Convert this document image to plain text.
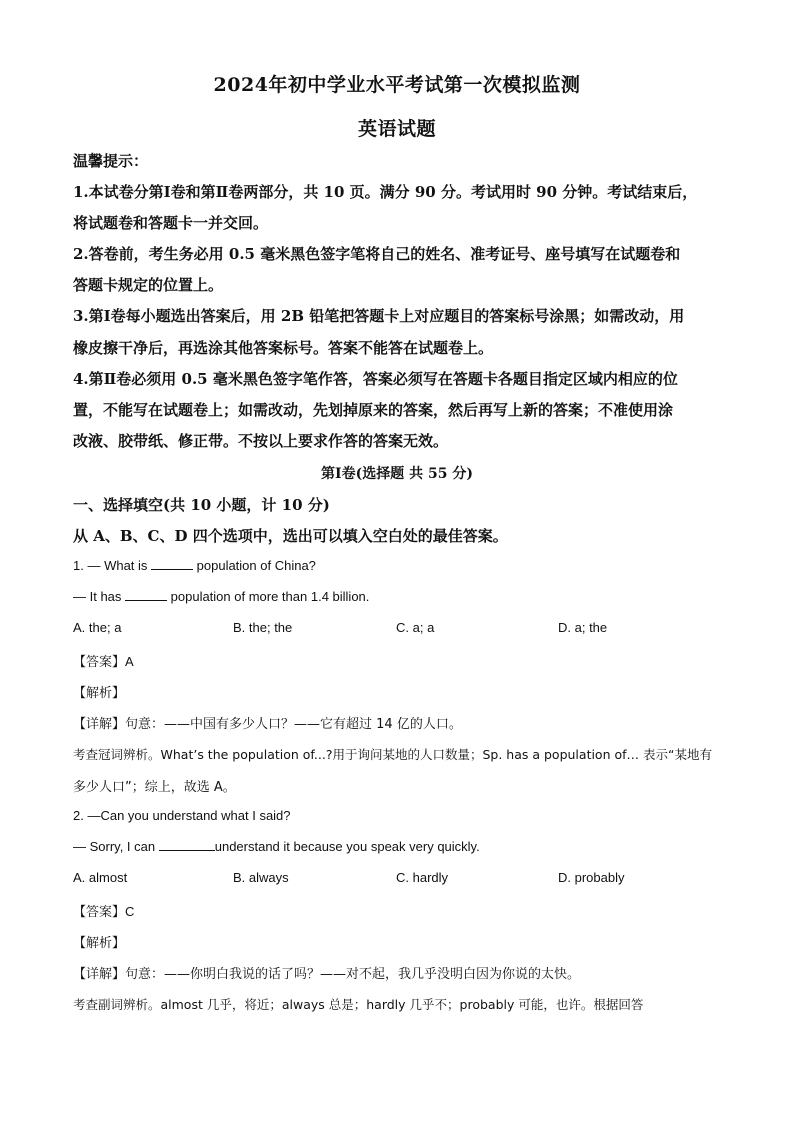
2024年初中学业水平考试第一次模拟监测
英语试题
温馨提示：
1.本试卷分第Ⅰ卷和第Ⅱ卷两部分，共 10 页。满分 90 分。考试用时 90 分钟。考试结束后，
将试题卷和答题卡一并交回。
2.答卷前，考生务必用 0.5 毫米黑色签字笔将自己的姓名、准考证号、座号填写在试题卷和
答题卡规定的位置上。
3.第Ⅰ卷每小题选出答案后，用 2B 铅笔把答题卡上对应题目的答案标号涂黑；如需改动，用
橡皮擦干净后，再选涂其他答案标号。答案不能答在试题卷上。
4.第Ⅱ卷必须用 0.5 毫米黑色签字笔作答，答案必须写在答题卡各题目指定区域内相应的位
置，不能写在试题卷上；如需改动，先划掉原来的答案，然后再写上新的答案；不准使用涂
改液、胶带纸、修正带。不按以上要求作答的答案无效。
第Ⅰ卷(选择题 共 55 分)
一、选择填空(共 10 小题，计 10 分)
从 A、B、C、D 四个选项中，选出可以填入空白处的最佳答案。
1. — What is	population of China?
— It has	population of more than 1.4 billion.
A. the; a	B. the; the	C. a; a	D. a; the
【答案】A
【解析】
【详解】句意：——中国有多少人口？——它有超过 14 亿的人口。
考查冠词辨析。What’s the population of...?用于询问某地的人口数量；Sp. has a population of… 表示“某地有
多少人口”；综上，故选 A。
2. —Can you understand what I said?
— Sorry, I can	understand it because you speak very quickly.
A. almost	B. always	C. hardly	D. probably
【答案】C
【解析】
【详解】句意：——你明白我说的话了吗？——对不起，我几乎没明白因为你说的太快。
考查副词辨析。almost 几乎，将近；always 总是；hardly 几乎不；probably 可能，也许。根据回答
